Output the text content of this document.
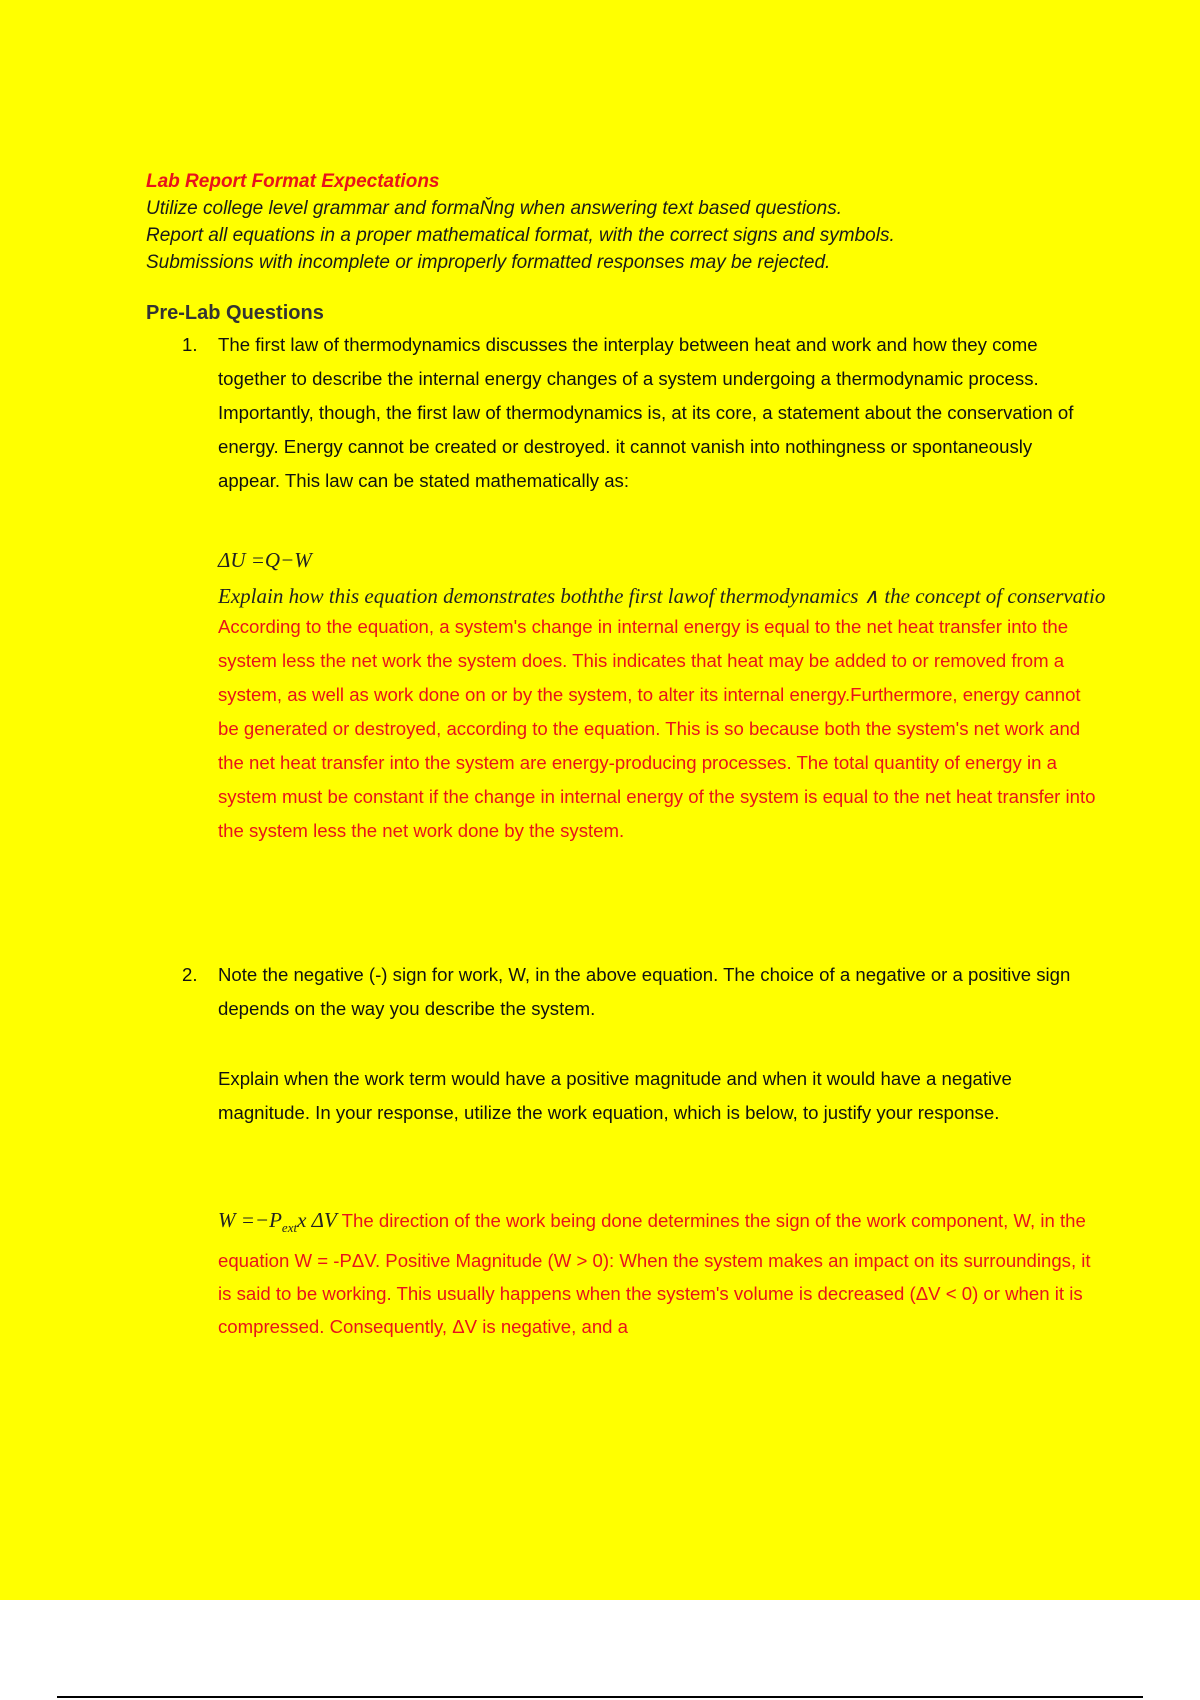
Lab Report Format Expectations
Utilize college level grammar and formaŇng when answering text based questions.
Report all equations in a proper mathematical format, with the correct signs and symbols.
Submissions with incomplete or improperly formatted responses may be rejected.
Pre-Lab Questions
1. The first law of thermodynamics discusses the interplay between heat and work and how they come together to describe the internal energy changes of a system undergoing a thermodynamic process. Importantly, though, the first law of thermodynamics is, at its core, a statement about the conservation of energy. Energy cannot be created or destroyed. it cannot vanish into nothingness or spontaneously appear. This law can be stated mathematically as:
ΔU =Q−W
Explain how this equation demonstrates boththe first lawof thermodynamics ∧ the concept of conservatio
According to the equation, a system's change in internal energy is equal to the net heat transfer into the system less the net work the system does. This indicates that heat may be added to or removed from a system, as well as work done on or by the system, to alter its internal energy.Furthermore, energy cannot be generated or destroyed, according to the equation. This is so because both the system's net work and the net heat transfer into the system are energy-producing processes. The total quantity of energy in a system must be constant if the change in internal energy of the system is equal to the net heat transfer into the system less the net work done by the system.
2. Note the negative (-) sign for work, W, in the above equation. The choice of a negative or a positive sign depends on the way you describe the system.
Explain when the work term would have a positive magnitude and when it would have a negative magnitude. In your response, utilize the work equation, which is below, to justify your response.
$W =-P_{ext}x$ ΔV The direction of the work being done determines the sign of the work component, W, in the equation W = -PΔV. Positive Magnitude (W > 0): When the system makes an impact on its surroundings, it is said to be working. This usually happens when the system's volume is decreased (ΔV < 0) or when it is compressed. Consequently, ΔV is negative, and a
